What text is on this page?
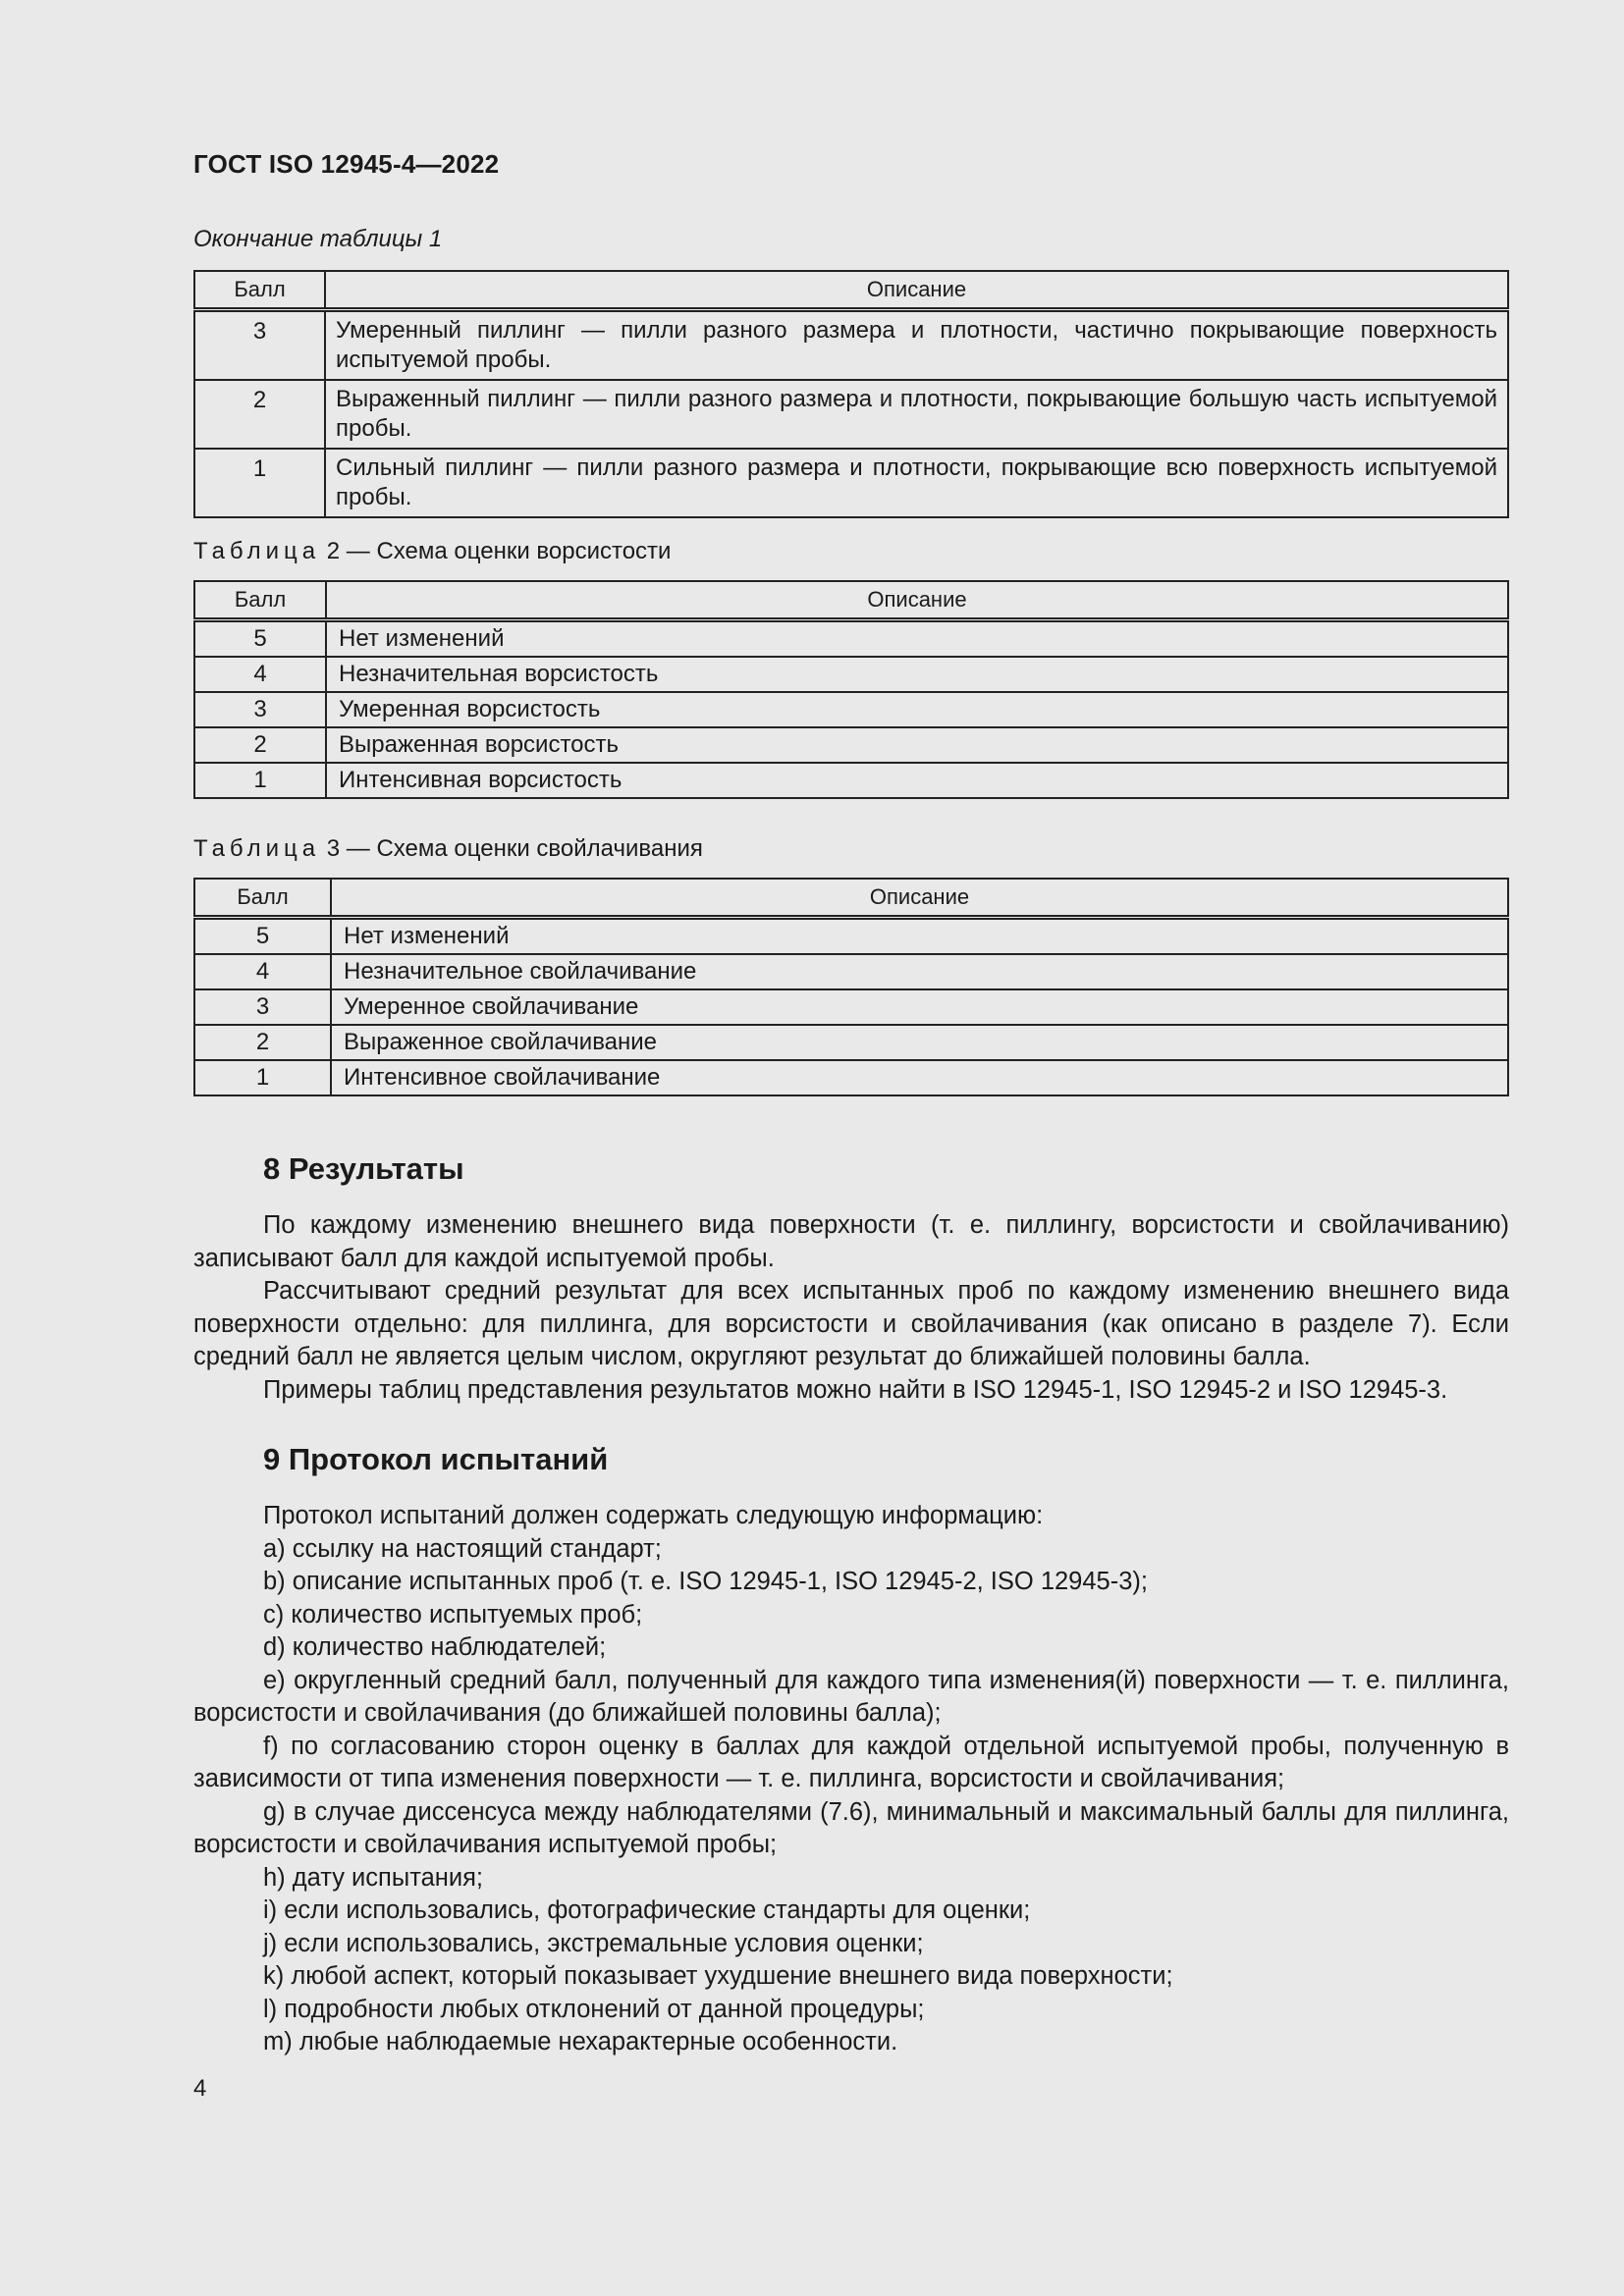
ГОСТ ISO 12945-4—2022
Окончание таблицы 1
Балл	Описание
3	Умеренный пиллинг — пилли разного размера и плотности, частично покрывающие поверхность испытуемой пробы.
2	Выраженный пиллинг — пилли разного размера и плотности, покрывающие большую часть испытуемой пробы.
1	Сильный пиллинг — пилли разного размера и плотности, покрывающие всю поверхность испытуемой пробы.
Таблица 2 — Схема оценки ворсистости
Балл	Описание
5	Нет изменений
4	Незначительная ворсистость
3	Умеренная ворсистость
2	Выраженная ворсистость
1	Интенсивная ворсистость
Таблица 3 — Схема оценки свойлачивания
Балл	Описание
5	Нет изменений
4	Незначительное свойлачивание
3	Умеренное свойлачивание
2	Выраженное свойлачивание
1	Интенсивное свойлачивание
8 Результаты

По каждому изменению внешнего вида поверхности (т. е. пиллингу, ворсистости и свойлачиванию) записывают балл для каждой испытуемой пробы.

Рассчитывают средний результат для всех испытанных проб по каждому изменению внешнего вида поверхности отдельно: для пиллинга, для ворсистости и свойлачивания (как описано в разделе 7). Если средний балл не является целым числом, округляют результат до ближайшей половины балла.

Примеры таблиц представления результатов можно найти в ISO 12945-1, ISO 12945-2 и ISO 12945-3.

9 Протокол испытаний

Протокол испытаний должен содержать следующую информацию:

a) ссылку на настоящий стандарт;

b) описание испытанных проб (т. е. ISO 12945-1, ISO 12945-2, ISO 12945-3);

c) количество испытуемых проб;

d) количество наблюдателей;

e) округленный средний балл, полученный для каждого типа изменения(й) поверхности — т. е. пиллинга, ворсистости и свойлачивания (до ближайшей половины балла);

f) по согласованию сторон оценку в баллах для каждой отдельной испытуемой пробы, полученную в зависимости от типа изменения поверхности — т. е. пиллинга, ворсистости и свойлачивания;

g) в случае диссенсуса между наблюдателями (7.6), минимальный и максимальный баллы для пиллинга, ворсистости и свойлачивания испытуемой пробы;

h) дату испытания;

i) если использовались, фотографические стандарты для оценки;

j) если использовались, экстремальные условия оценки;

k) любой аспект, который показывает ухудшение внешнего вида поверхности;

l) подробности любых отклонений от данной процедуры;

m) любые наблюдаемые нехарактерные особенности.

4
